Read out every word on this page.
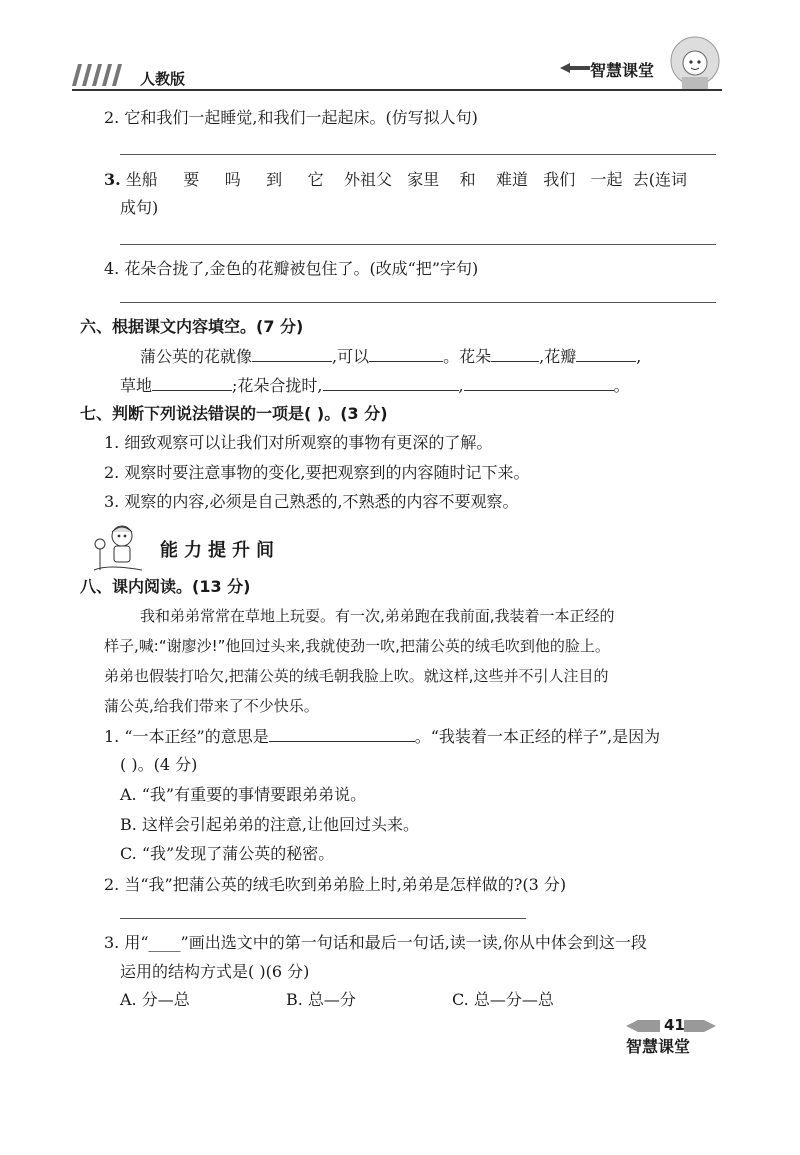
人教版	智慧课堂
2. 它和我们一起睡觉,和我们一起起床。(仿写拟人句)
3. 坐船 要 吗 到 它 外祖父 家里 和 难道 我们 一起 去(连词
成句)
4. 花朵合拢了,金色的花瓣被包住了。(改成“把”字句)
六、根据课文内容填空。(7 分)
蒲公英的花就像	,可以	。花朵	,花瓣	,
草地	;花朵合拢时,	,	。
七、判断下列说法错误的一项是( )。(3 分)
1. 细致观察可以让我们对所观察的事物有更深的了解。
2. 观察时要注意事物的变化,要把观察到的内容随时记下来。
3. 观察的内容,必须是自己熟悉的,不熟悉的内容不要观察。
能力提升间
八、课内阅读。(13 分)
我和弟弟常常在草地上玩耍。有一次,弟弟跑在我前面,我装着一本正经的
样子,喊:“谢廖沙!”他回过头来,我就使劲一吹,把蒲公英的绒毛吹到他的脸上。
弟弟也假装打哈欠,把蒲公英的绒毛朝我脸上吹。就这样,这些并不引人注目的
蒲公英,给我们带来了不少快乐。
1. “一本正经”的意思是	。“我装着一本正经的样子”,是因为
( )。(4 分)
A. “我”有重要的事情要跟弟弟说。
B. 这样会引起弟弟的注意,让他回过头来。
C. “我”发现了蒲公英的秘密。
2. 当“我”把蒲公英的绒毛吹到弟弟脸上时,弟弟是怎样做的?(3 分)
3. 用“____”画出选文中的第一句话和最后一句话,读一读,你从中体会到这一段
运用的结构方式是( )(6 分)
A. 分—总	B. 总—分	C. 总—分—总
41
智慧课堂
